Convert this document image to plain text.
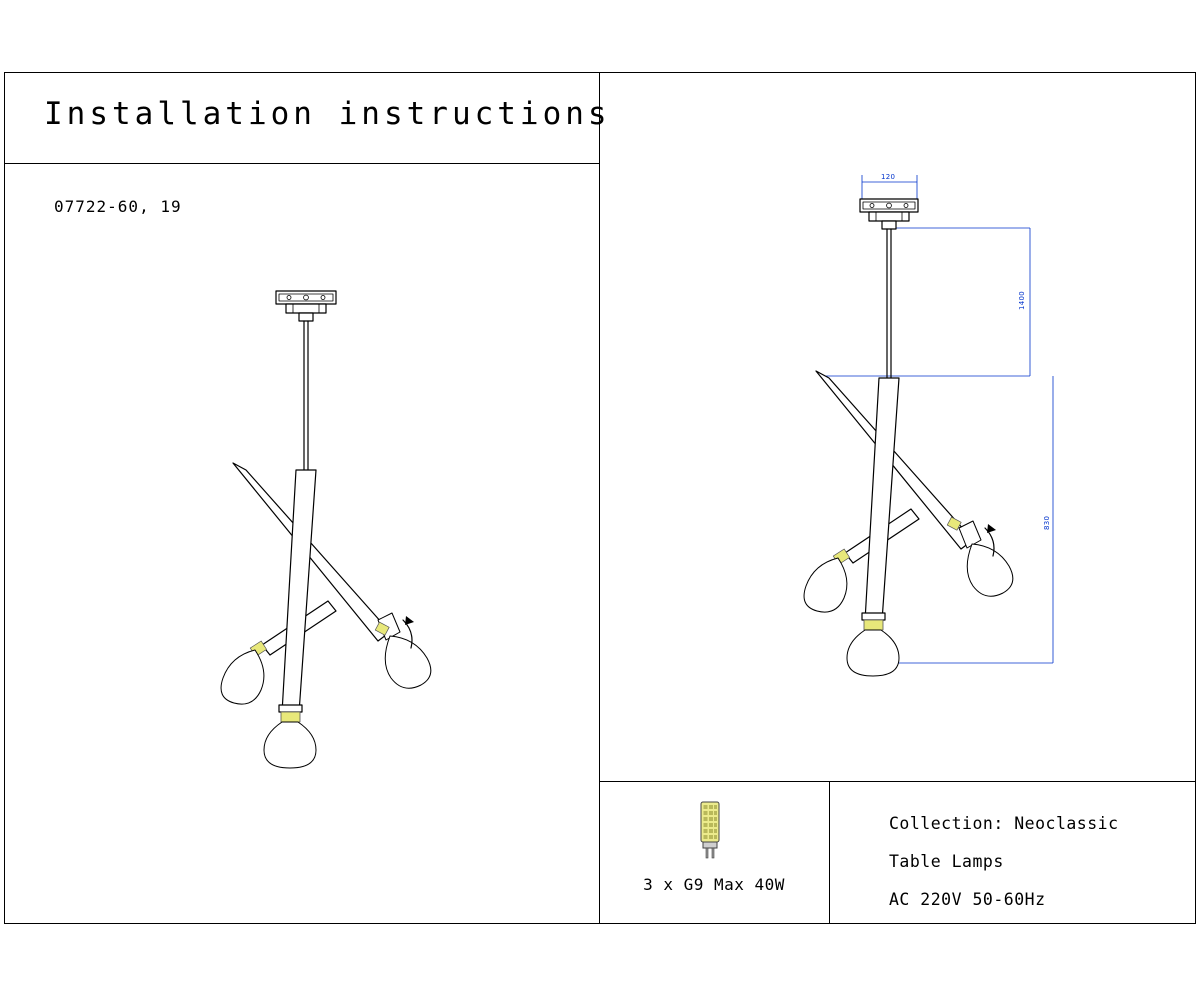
Installation instructions
07722-60, 19
3 x G9 Max 40W
Collection: Neoclassic
Table Lamps
AC 220V 50-60Hz
120
1400
830
